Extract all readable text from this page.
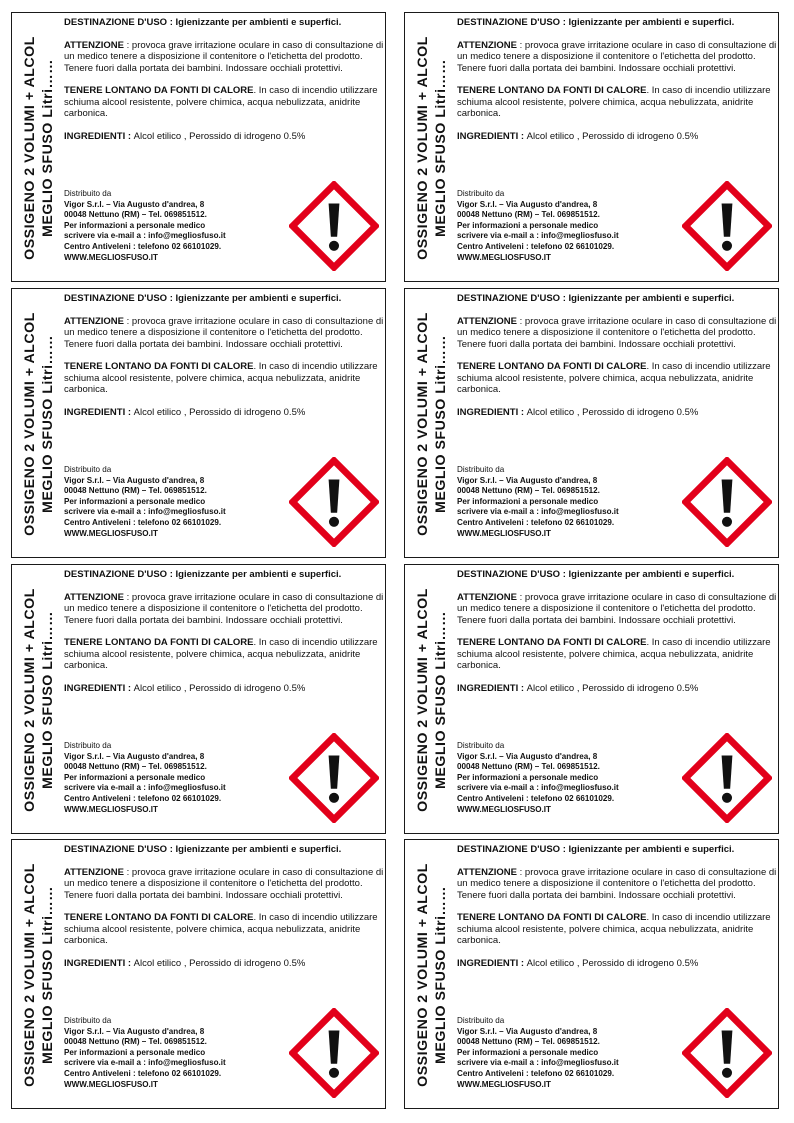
OSSIGENO 2 VOLUMI + ALCOL MEGLIO SFUSO Litri……

DESTINAZIONE D'USO : Igienizzante per ambienti e superfici.

ATTENZIONE : provoca grave irritazione oculare in caso di consultazione di un medico tenere a disposizione il contenitore o l'etichetta del prodotto. Tenere fuori dalla portata dei bambini. Indossare occhiali protettivi.

TENERE LONTANO DA FONTI DI CALORE. In caso di incendio utilizzare schiuma alcool resistente, polvere chimica, acqua nebulizzata, anidrite carbonica.

INGREDIENTI : Alcol etilico , Perossido di idrogeno 0.5%

Distribuito da
Vigor S.r.l. – Via Augusto d'andrea, 8
00048 Nettuno (RM) – Tel. 069851512.
Per informazioni a personale medico
scrivere via e-mail a : info@megliosfuso.it
Centro Antiveleni : telefono 02 66101029.
WWW.MEGLIOSFUSO.IT	OSSIGENO 2 VOLUMI + ALCOL MEGLIO SFUSO Litri……

DESTINAZIONE D'USO : Igienizzante per ambienti e superfici.

ATTENZIONE : provoca grave irritazione oculare in caso di consultazione di un medico tenere a disposizione il contenitore o l'etichetta del prodotto. Tenere fuori dalla portata dei bambini. Indossare occhiali protettivi.

TENERE LONTANO DA FONTI DI CALORE. In caso di incendio utilizzare schiuma alcool resistente, polvere chimica, acqua nebulizzata, anidrite carbonica.

INGREDIENTI : Alcol etilico , Perossido di idrogeno 0.5%

Distribuito da
Vigor S.r.l. – Via Augusto d'andrea, 8
00048 Nettuno (RM) – Tel. 069851512.
Per informazioni a personale medico
scrivere via e-mail a : info@megliosfuso.it
Centro Antiveleni : telefono 02 66101029.
WWW.MEGLIOSFUSO.IT
OSSIGENO 2 VOLUMI + ALCOL MEGLIO SFUSO Litri……

DESTINAZIONE D'USO : Igienizzante per ambienti e superfici.

ATTENZIONE : provoca grave irritazione oculare in caso di consultazione di un medico tenere a disposizione il contenitore o l'etichetta del prodotto. Tenere fuori dalla portata dei bambini. Indossare occhiali protettivi.

TENERE LONTANO DA FONTI DI CALORE. In caso di incendio utilizzare schiuma alcool resistente, polvere chimica, acqua nebulizzata, anidrite carbonica.

INGREDIENTI : Alcol etilico , Perossido di idrogeno 0.5%

Distribuito da
Vigor S.r.l. – Via Augusto d'andrea, 8
00048 Nettuno (RM) – Tel. 069851512.
Per informazioni a personale medico
scrivere via e-mail a : info@megliosfuso.it
Centro Antiveleni : telefono 02 66101029.
WWW.MEGLIOSFUSO.IT	OSSIGENO 2 VOLUMI + ALCOL MEGLIO SFUSO Litri……

DESTINAZIONE D'USO : Igienizzante per ambienti e superfici.

ATTENZIONE : provoca grave irritazione oculare in caso di consultazione di un medico tenere a disposizione il contenitore o l'etichetta del prodotto. Tenere fuori dalla portata dei bambini. Indossare occhiali protettivi.

TENERE LONTANO DA FONTI DI CALORE. In caso di incendio utilizzare schiuma alcool resistente, polvere chimica, acqua nebulizzata, anidrite carbonica.

INGREDIENTI : Alcol etilico , Perossido di idrogeno 0.5%

Distribuito da
Vigor S.r.l. – Via Augusto d'andrea, 8
00048 Nettuno (RM) – Tel. 069851512.
Per informazioni a personale medico
scrivere via e-mail a : info@megliosfuso.it
Centro Antiveleni : telefono 02 66101029.
WWW.MEGLIOSFUSO.IT
OSSIGENO 2 VOLUMI + ALCOL MEGLIO SFUSO Litri……

DESTINAZIONE D'USO : Igienizzante per ambienti e superfici.

ATTENZIONE : provoca grave irritazione oculare in caso di consultazione di un medico tenere a disposizione il contenitore o l'etichetta del prodotto. Tenere fuori dalla portata dei bambini. Indossare occhiali protettivi.

TENERE LONTANO DA FONTI DI CALORE. In caso di incendio utilizzare schiuma alcool resistente, polvere chimica, acqua nebulizzata, anidrite carbonica.

INGREDIENTI : Alcol etilico , Perossido di idrogeno 0.5%

Distribuito da
Vigor S.r.l. – Via Augusto d'andrea, 8
00048 Nettuno (RM) – Tel. 069851512.
Per informazioni a personale medico
scrivere via e-mail a : info@megliosfuso.it
Centro Antiveleni : telefono 02 66101029.
WWW.MEGLIOSFUSO.IT	OSSIGENO 2 VOLUMI + ALCOL MEGLIO SFUSO Litri……

DESTINAZIONE D'USO : Igienizzante per ambienti e superfici.

ATTENZIONE : provoca grave irritazione oculare in caso di consultazione di un medico tenere a disposizione il contenitore o l'etichetta del prodotto. Tenere fuori dalla portata dei bambini. Indossare occhiali protettivi.

TENERE LONTANO DA FONTI DI CALORE. In caso di incendio utilizzare schiuma alcool resistente, polvere chimica, acqua nebulizzata, anidrite carbonica.

INGREDIENTI : Alcol etilico , Perossido di idrogeno 0.5%

Distribuito da
Vigor S.r.l. – Via Augusto d'andrea, 8
00048 Nettuno (RM) – Tel. 069851512.
Per informazioni a personale medico
scrivere via e-mail a : info@megliosfuso.it
Centro Antiveleni : telefono 02 66101029.
WWW.MEGLIOSFUSO.IT
OSSIGENO 2 VOLUMI + ALCOL MEGLIO SFUSO Litri……

DESTINAZIONE D'USO : Igienizzante per ambienti e superfici.

ATTENZIONE : provoca grave irritazione oculare in caso di consultazione di un medico tenere a disposizione il contenitore o l'etichetta del prodotto. Tenere fuori dalla portata dei bambini. Indossare occhiali protettivi.

TENERE LONTANO DA FONTI DI CALORE. In caso di incendio utilizzare schiuma alcool resistente, polvere chimica, acqua nebulizzata, anidrite carbonica.

INGREDIENTI : Alcol etilico , Perossido di idrogeno 0.5%

Distribuito da
Vigor S.r.l. – Via Augusto d'andrea, 8
00048 Nettuno (RM) – Tel. 069851512.
Per informazioni a personale medico
scrivere via e-mail a : info@megliosfuso.it
Centro Antiveleni : telefono 02 66101029.
WWW.MEGLIOSFUSO.IT	OSSIGENO 2 VOLUMI + ALCOL MEGLIO SFUSO Litri……

DESTINAZIONE D'USO : Igienizzante per ambienti e superfici.

ATTENZIONE : provoca grave irritazione oculare in caso di consultazione di un medico tenere a disposizione il contenitore o l'etichetta del prodotto. Tenere fuori dalla portata dei bambini. Indossare occhiali protettivi.

TENERE LONTANO DA FONTI DI CALORE. In caso di incendio utilizzare schiuma alcool resistente, polvere chimica, acqua nebulizzata, anidrite carbonica.

INGREDIENTI : Alcol etilico , Perossido di idrogeno 0.5%

Distribuito da
Vigor S.r.l. – Via Augusto d'andrea, 8
00048 Nettuno (RM) – Tel. 069851512.
Per informazioni a personale medico
scrivere via e-mail a : info@megliosfuso.it
Centro Antiveleni : telefono 02 66101029.
WWW.MEGLIOSFUSO.IT
